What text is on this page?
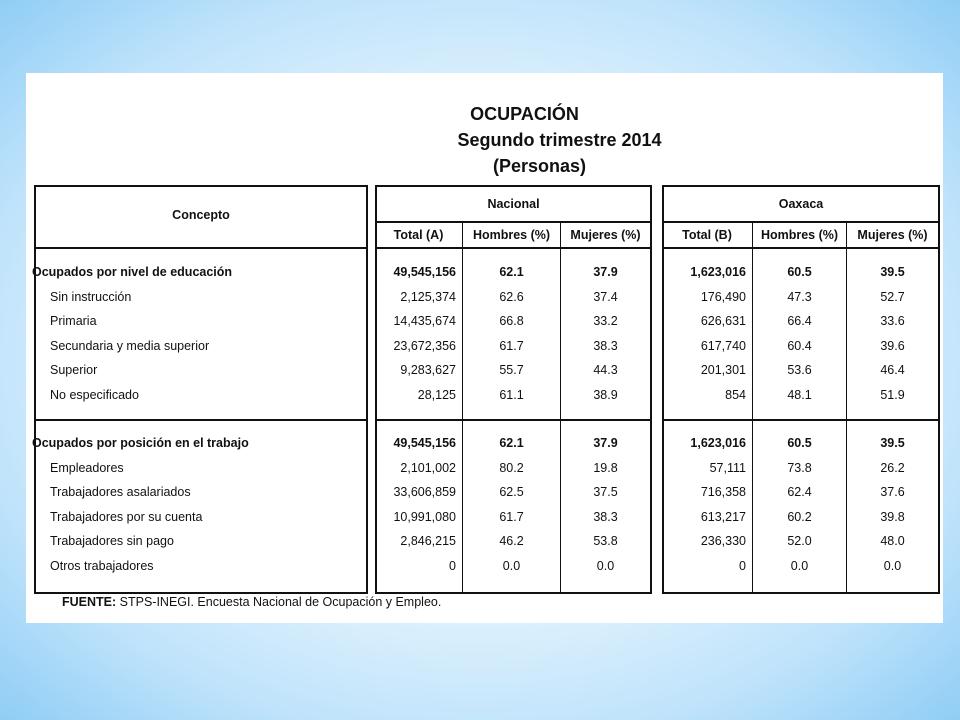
OCUPACIÓN
Segundo trimestre 2014
(Personas)
Concepto
Nacional
Total (A)	Hombres (%)	Mujeres (%)
Oaxaca
Total (B)	Hombres (%)	Mujeres (%)
Ocupados por nivel de educación	49,545,156	62.1	37.9	1,623,016	60.5	39.5
Sin instrucción	2,125,374	62.6	37.4	176,490	47.3	52.7
Primaria	14,435,674	66.8	33.2	626,631	66.4	33.6
Secundaria y media superior	23,672,356	61.7	38.3	617,740	60.4	39.6
Superior	9,283,627	55.7	44.3	201,301	53.6	46.4
No especificado	28,125	61.1	38.9	854	48.1	51.9
Ocupados por posición en el trabajo	49,545,156	62.1	37.9	1,623,016	60.5	39.5
Empleadores	2,101,002	80.2	19.8	57,111	73.8	26.2
Trabajadores asalariados	33,606,859	62.5	37.5	716,358	62.4	37.6
Trabajadores por su cuenta	10,991,080	61.7	38.3	613,217	60.2	39.8
Trabajadores sin pago	2,846,215	46.2	53.8	236,330	52.0	48.0
Otros trabajadores	0	0.0	0.0	0	0.0	0.0
FUENTE: STPS-INEGI. Encuesta Nacional de Ocupación y Empleo.
